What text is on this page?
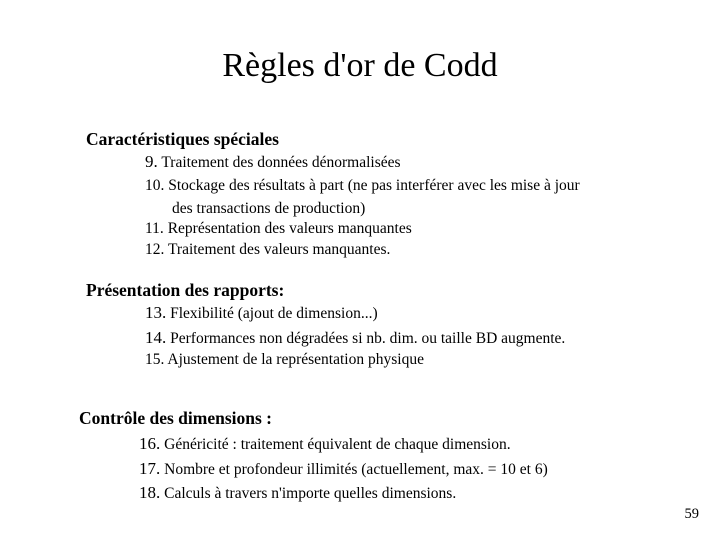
Règles d'or de Codd
Caractéristiques spéciales
9. Traitement des données dénormalisées
10. Stockage des résultats à part (ne pas interférer avec les mise à jour
des transactions de production)
11. Représentation des valeurs manquantes
12. Traitement des valeurs manquantes.
Présentation des rapports:
13. Flexibilité (ajout de dimension...)
14. Performances non dégradées si nb. dim. ou taille BD augmente.
15. Ajustement de la représentation physique
Contrôle des dimensions :
16. Généricité : traitement équivalent de chaque dimension.
17. Nombre et profondeur illimités (actuellement, max. = 10 et 6)
18. Calculs à travers n'importe quelles dimensions.
59
